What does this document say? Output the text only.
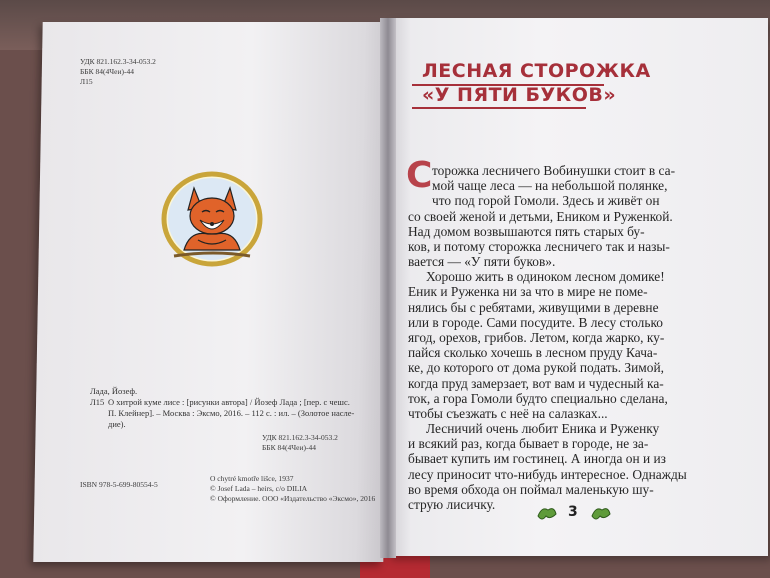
УДК 821.162.3-34-053.2
ББК 84(4Чеи)-44
Л15
Лада, Йозеф.
Л15 О хитрой куме лисе : [рисунки автора] / Йозеф Лада ; [пер. с чешс.
П. Клейнер]. – Москва : Эксмо, 2016. – 112 с. : ил. – (Золотое насле-
дие).
УДК 821.162.3-34-053.2
ББК 84(4Чеи)-44
ISBN 978-5-699-80554-5
O chytré kmotře lišce, 1937
© Josef Lada – heirs, c/o DILIA
© Оформление. ООО «Издательство «Эксмо», 2016
ЛЕСНАЯ СТОРОЖКА
«У ПЯТИ БУКОВ»
С торожка лесничего Вобинушки стоит в са-
мой чаще леса — на небольшой полянке,
что под горой Гомоли. Здесь и живёт он
со своей женой и детьми, Еником и Руженкой.
Над домом возвышаются пять старых бу-
ков, и потому сторожка лесничего так и назы-
вается — «У пяти буков».
Хорошо жить в одиноком лесном домике!
Еник и Руженка ни за что в мире не поме-
нялись бы с ребятами, живущими в деревне
или в городе. Сами посудите. В лесу столько
ягод, орехов, грибов. Летом, когда жарко, ку-
пайся сколько хочешь в лесном пруду Кача-
ке, до которого от дома рукой подать. Зимой,
когда пруд замерзает, вот вам и чудесный ка-
ток, а гора Гомоли будто специально сделана,
чтобы съезжать с неё на салазках...
Лесничий очень любит Еника и Руженку
и всякий раз, когда бывает в городе, не за-
бывает купить им гостинец. А иногда он и из
лесу приносит что-нибудь интересное. Однажды
во время обхода он поймал маленькую шу-
струю лисичку.	3
